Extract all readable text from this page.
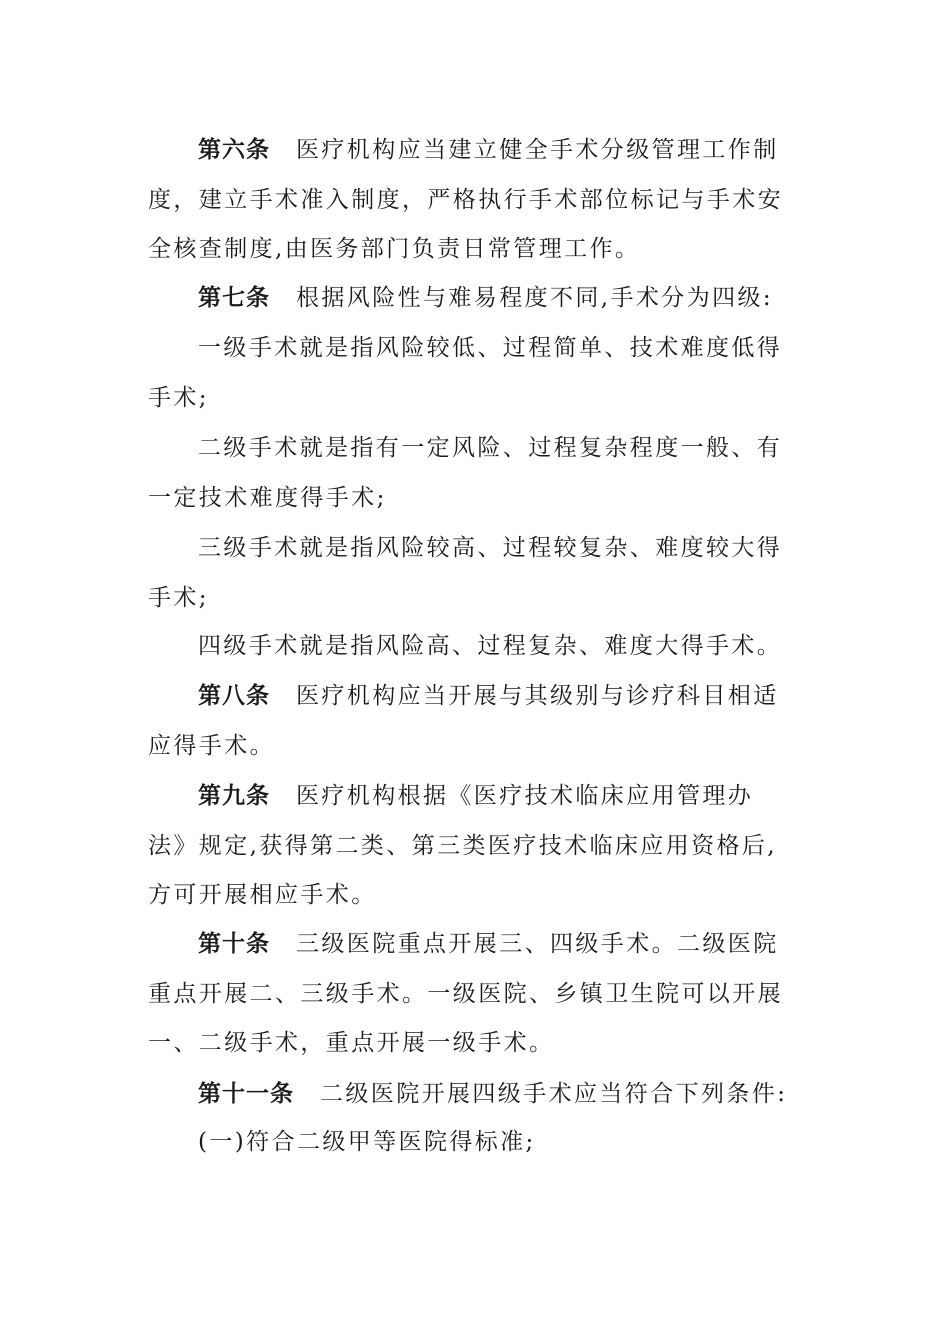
第六条 医疗机构应当建立健全手术分级管理工作制
度，建立手术准入制度，严格执行手术部位标记与手术安
全核查制度,由医务部门负责日常管理工作。

第七条 根据风险性与难易程度不同,手术分为四级:

一级手术就是指风险较低、过程简单、技术难度低得
手术;

二级手术就是指有一定风险、过程复杂程度一般、有
一定技术难度得手术;

三级手术就是指风险较高、过程较复杂、难度较大得
手术;

四级手术就是指风险高、过程复杂、难度大得手术。

第八条 医疗机构应当开展与其级别与诊疗科目相适
应得手术。

第九条 医疗机构根据《医疗技术临床应用管理办
法》规定,获得第二类、第三类医疗技术临床应用资格后,
方可开展相应手术。

第十条 三级医院重点开展三、四级手术。二级医院
重点开展二、三级手术。一级医院、乡镇卫生院可以开展
一、二级手术，重点开展一级手术。

第十一条 二级医院开展四级手术应当符合下列条件:

(一)符合二级甲等医院得标准;
